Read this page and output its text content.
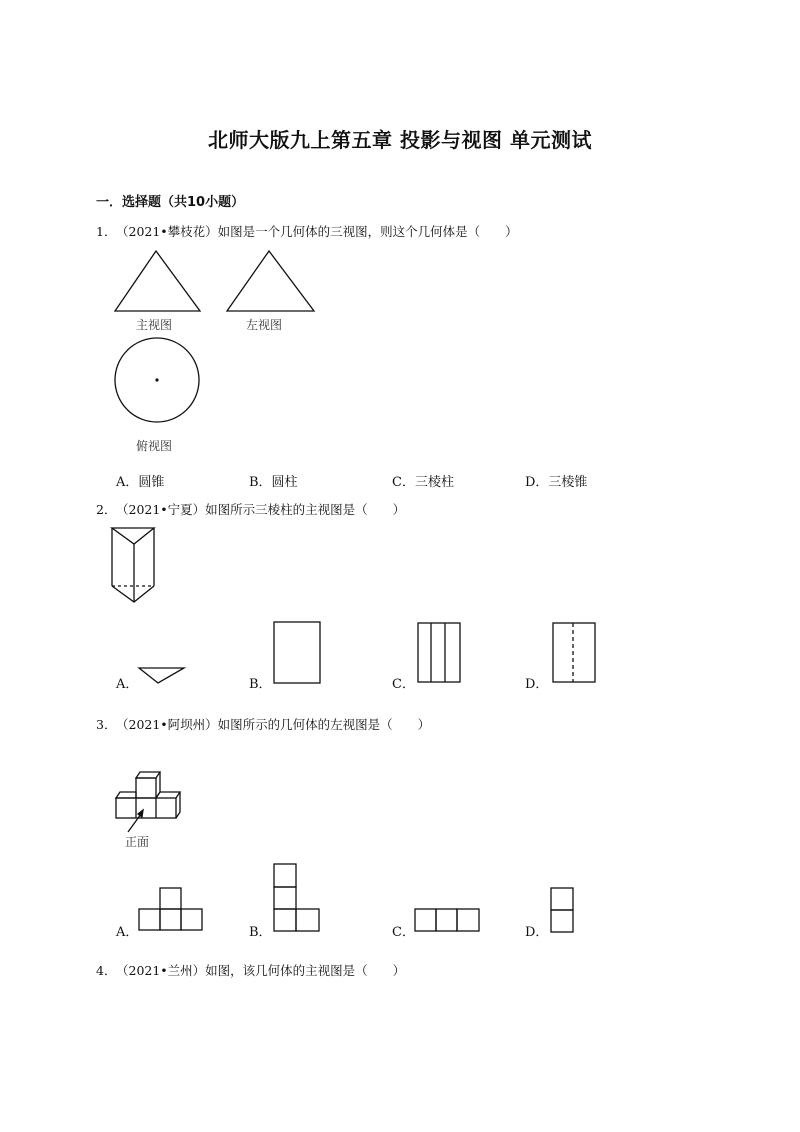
北师大版九上第五章 投影与视图 单元测试
一．选择题（共10小题）
1． （2021•攀枝花）如图是一个几何体的三视图，则这个几何体是（　　）
主视图	左视图
俯视图
A．圆锥	B．圆柱	C．三棱柱	D．三棱锥
2． （2021•宁夏）如图所示三棱柱的主视图是（　　）
A．	B．	C．	D．
3． （2021•阿坝州）如图所示的几何体的左视图是（　　）
正面
A．	B．	C．	D．
4． （2021•兰州）如图，该几何体的主视图是（　　）
